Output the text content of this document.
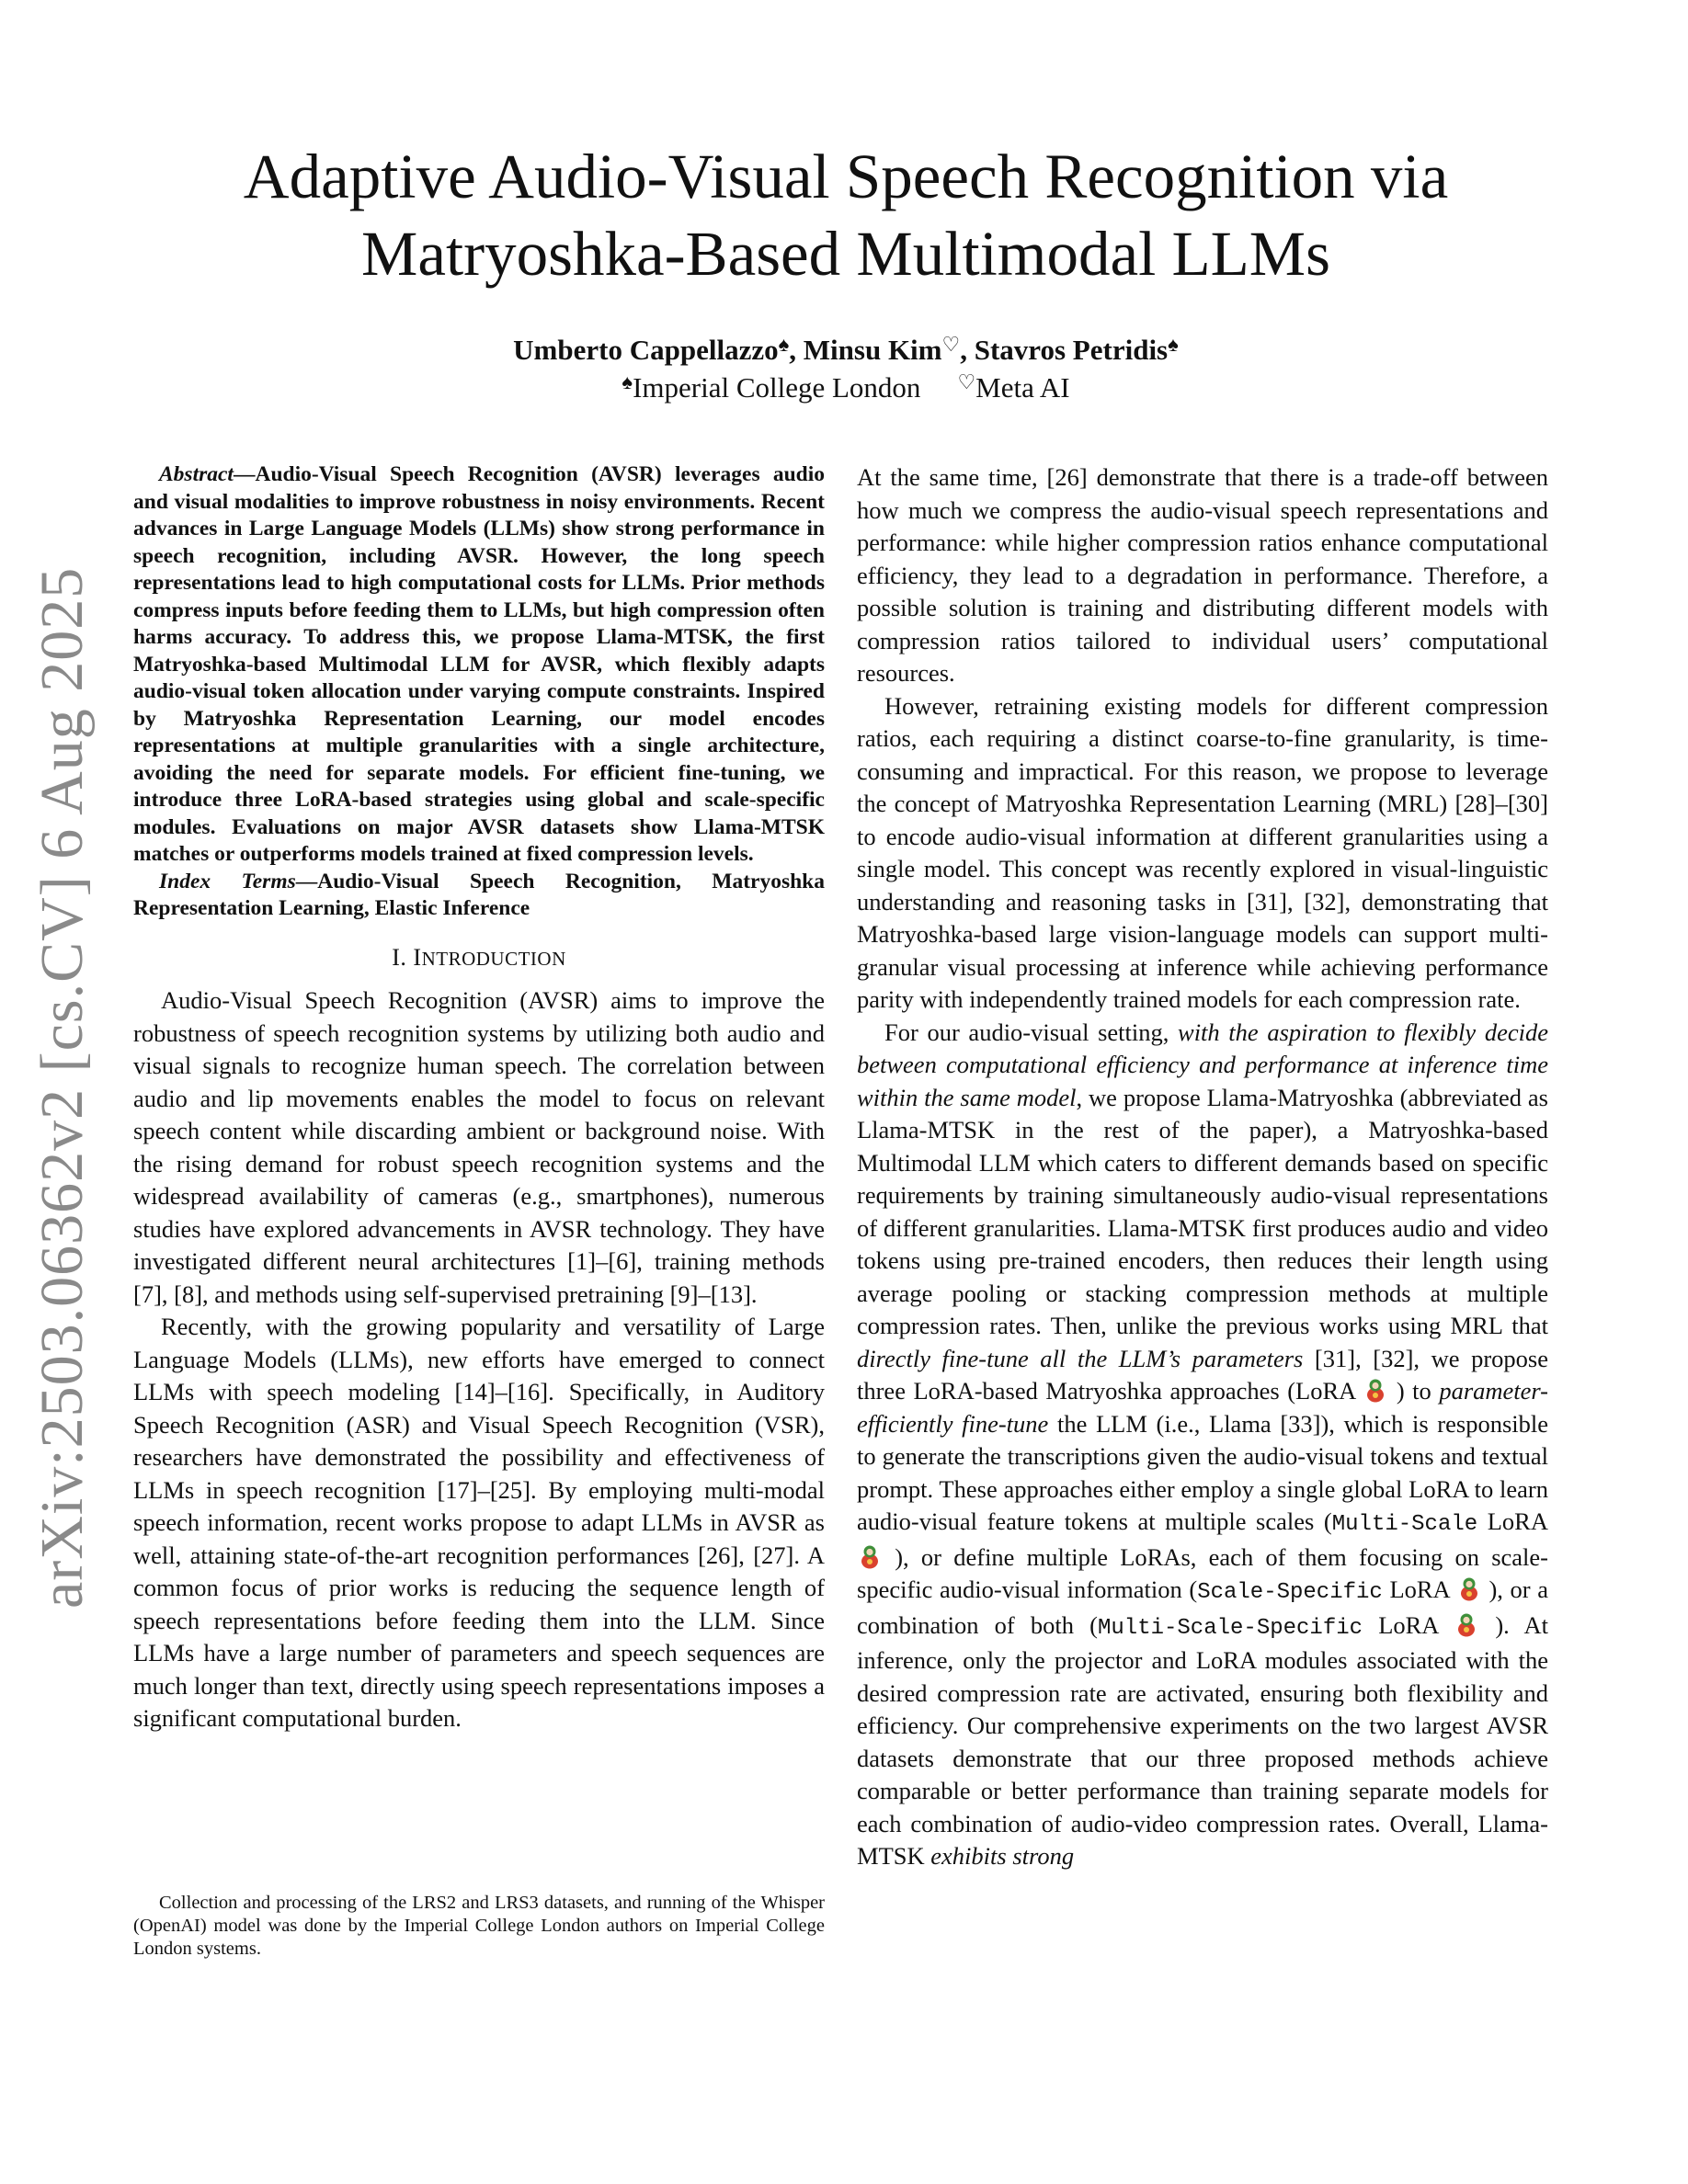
arXiv:2503.06362v2 [cs.CV] 6 Aug 2025
Adaptive Audio-Visual Speech Recognition via
Matryoshka-Based Multimodal LLMs
Umberto Cappellazzo♠, Minsu Kim♡, Stavros Petridis♠
♠Imperial College London ♡Meta AI

Abstract—Audio-Visual Speech Recognition (AVSR) leverages audio and visual modalities to improve robustness in noisy environments. Recent advances in Large Language Models (LLMs) show strong performance in speech recognition, including AVSR. However, the long speech representations lead to high computational costs for LLMs. Prior methods compress inputs before feeding them to LLMs, but high compression often harms accuracy. To address this, we propose Llama-MTSK, the first Matryoshka-based Multimodal LLM for AVSR, which flexibly adapts audio-visual token allocation under varying compute constraints. Inspired by Matryoshka Representation Learning, our model encodes representations at multiple granularities with a single architecture, avoiding the need for separate models. For efficient fine-tuning, we introduce three LoRA-based strategies using global and scale-specific modules. Evaluations on major AVSR datasets show Llama-MTSK matches or outperforms models trained at fixed compression levels.

Index Terms—Audio-Visual Speech Recognition, Matryoshka Representation Learning, Elastic Inference

I. INTRODUCTION

Audio-Visual Speech Recognition (AVSR) aims to improve the robustness of speech recognition systems by utilizing both audio and visual signals to recognize human speech. The correlation between audio and lip movements enables the model to focus on relevant speech content while discarding ambient or background noise. With the rising demand for robust speech recognition systems and the widespread availability of cameras (e.g., smartphones), numerous studies have explored advancements in AVSR technology. They have investigated different neural architectures [1]–[6], training methods [7], [8], and methods using self-supervised pretraining [9]–[13].

Recently, with the growing popularity and versatility of Large Language Models (LLMs), new efforts have emerged to connect LLMs with speech modeling [14]–[16]. Specifically, in Auditory Speech Recognition (ASR) and Visual Speech Recognition (VSR), researchers have demonstrated the possibility and effectiveness of LLMs in speech recognition [17]–[25]. By employing multi-modal speech information, recent works propose to adapt LLMs in AVSR as well, attaining state-of-the-art recognition performances [26], [27]. A common focus of prior works is reducing the sequence length of speech representations before feeding them into the LLM. Since LLMs have a large number of parameters and speech sequences are much longer than text, directly using speech representations imposes a significant computational burden.

Collection and processing of the LRS2 and LRS3 datasets, and running of the Whisper (OpenAI) model was done by the Imperial College London authors on Imperial College London systems.

At the same time, [26] demonstrate that there is a trade-off between how much we compress the audio-visual speech representations and performance: while higher compression ratios enhance computational efficiency, they lead to a degradation in performance. Therefore, a possible solution is training and distributing different models with compression ratios tailored to individual users’ computational resources.

However, retraining existing models for different compression ratios, each requiring a distinct coarse-to-fine granularity, is time-consuming and impractical. For this reason, we propose to leverage the concept of Matryoshka Representation Learning (MRL) [28]–[30] to encode audio-visual information at different granularities using a single model. This concept was recently explored in visual-linguistic understanding and reasoning tasks in [31], [32], demonstrating that Matryoshka-based large vision-language models can support multi-granular visual processing at inference while achieving performance parity with independently trained models for each compression rate.

For our audio-visual setting, with the aspiration to flexibly decide between computational efficiency and performance at inference time within the same model, we propose Llama-Matryoshka (abbreviated as Llama-MTSK in the rest of the paper), a Matryoshka-based Multimodal LLM which caters to different demands based on specific requirements by training simultaneously audio-visual representations of different granularities. Llama-MTSK first produces audio and video tokens using pre-trained encoders, then reduces their length using average pooling or stacking compression methods at multiple compression rates. Then, unlike the previous works using MRL that directly fine-tune all the LLM’s parameters [31], [32], we propose three LoRA-based Matryoshka approaches (LoRA  ) to parameter-efficiently fine-tune the LLM (i.e., Llama [33]), which is responsible to generate the transcriptions given the audio-visual tokens and textual prompt. These approaches either employ a single global LoRA to learn audio-visual feature tokens at multiple scales (Multi-Scale LoRA  ), or define multiple LoRAs, each of them focusing on scale-specific audio-visual information (Scale-Specific LoRA  ), or a combination of both (Multi-Scale-Specific LoRA  ). At inference, only the projector and LoRA modules associated with the desired compression rate are activated, ensuring both flexibility and efficiency. Our comprehensive experiments on the two largest AVSR datasets demonstrate that our three proposed methods achieve comparable or better performance than training separate models for each combination of audio-video compression rates. Overall, Llama-MTSK exhibits strong
